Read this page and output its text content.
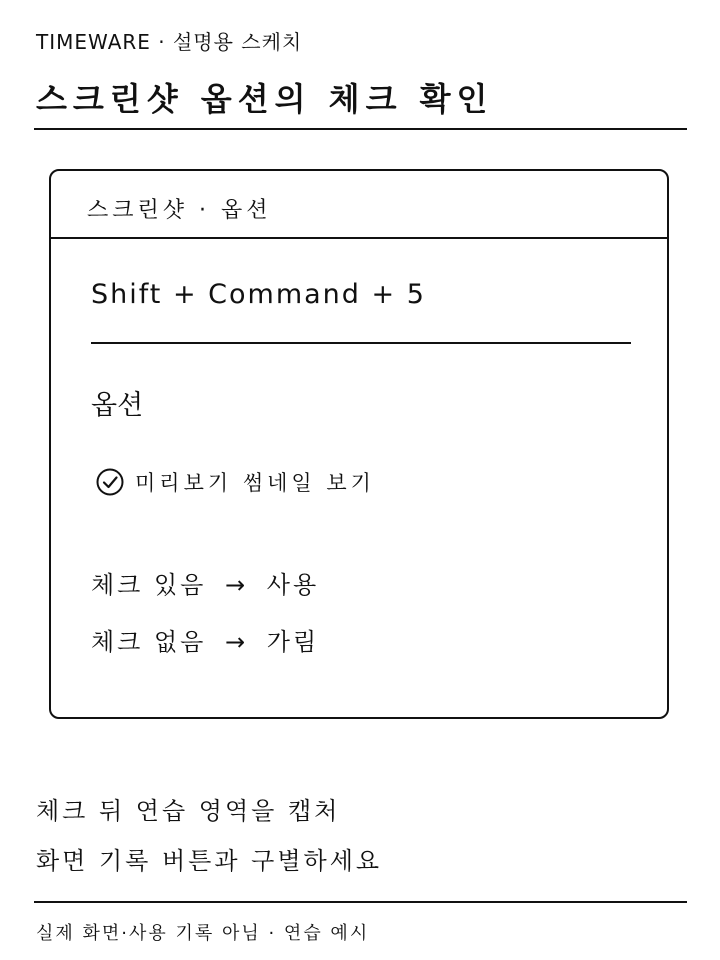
TIMEWARE · 설명용 스케치
스크린샷 옵션의 체크 확인
스크린샷 · 옵션
Shift + Command + 5
옵션
미리보기 썸네일 보기
체크 있음 → 사용
체크 없음 → 가림
체크 뒤 연습 영역을 캡처
화면 기록 버튼과 구별하세요
실제 화면·사용 기록 아님 · 연습 예시
